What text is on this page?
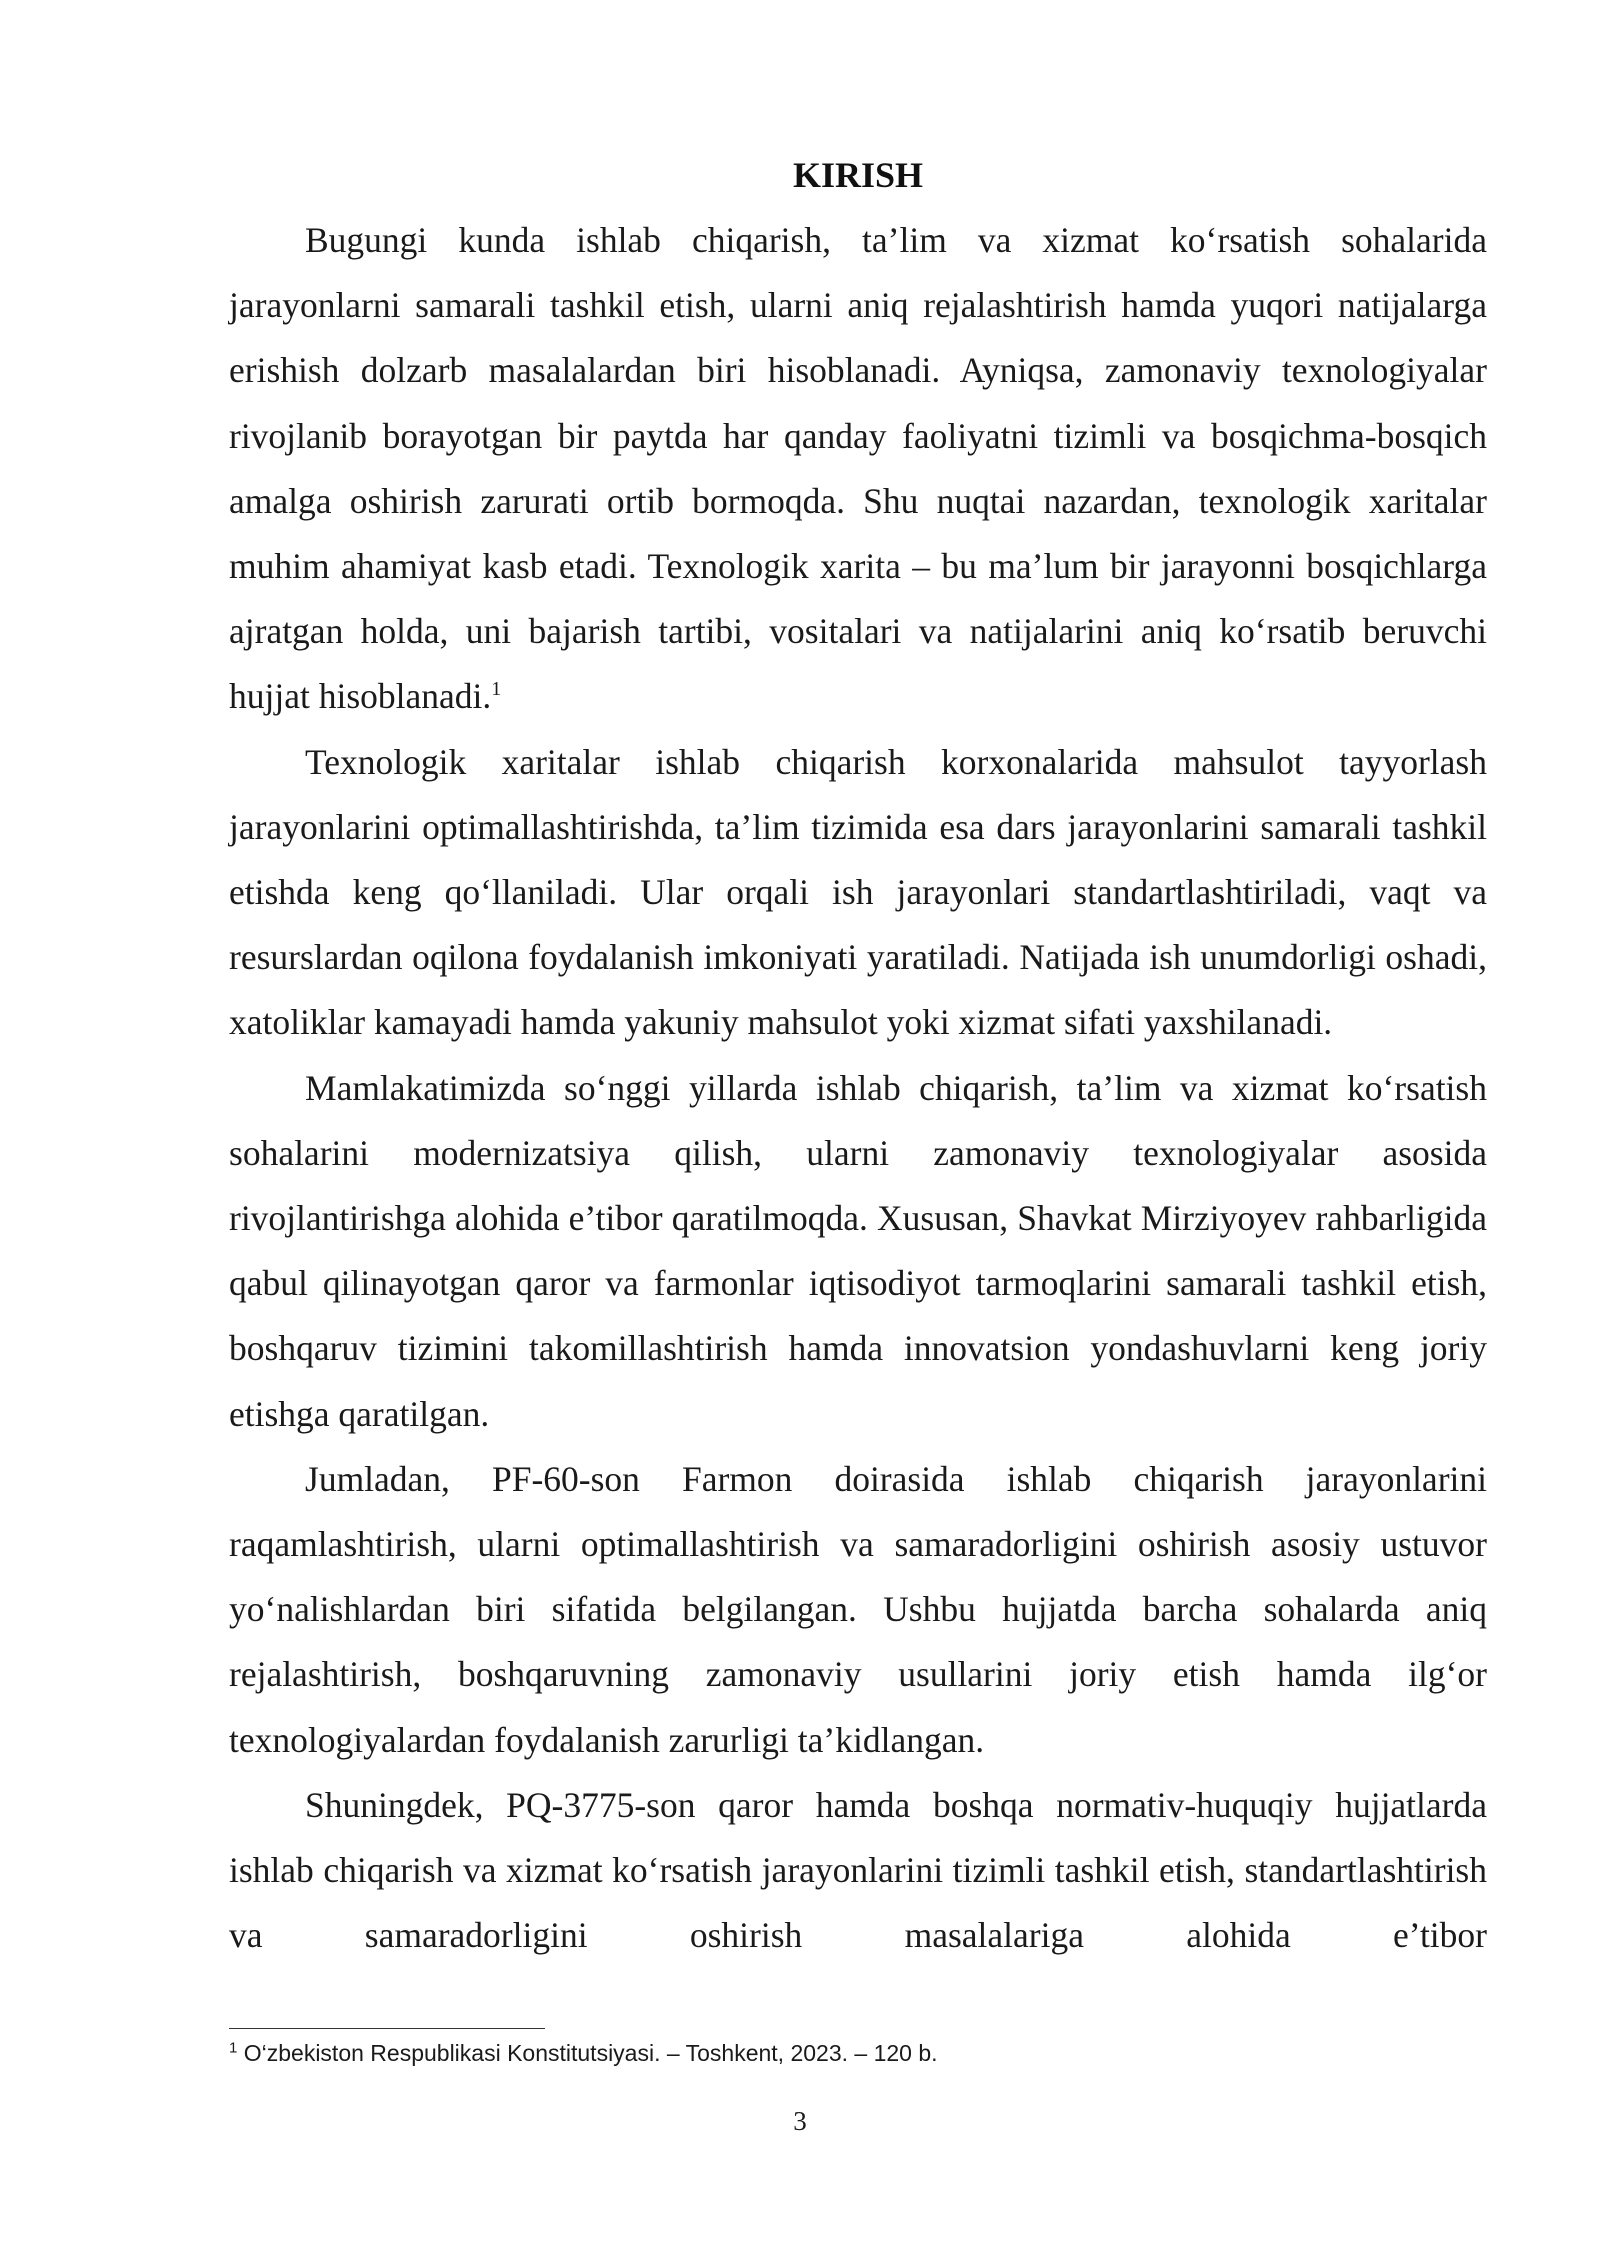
KIRISH

Bugungi kunda ishlab chiqarish, ta’lim va xizmat ko‘rsatish sohalarida jarayonlarni samarali tashkil etish, ularni aniq rejalashtirish hamda yuqori natijalarga erishish dolzarb masalalardan biri hisoblanadi. Ayniqsa, zamonaviy texnologiyalar rivojlanib borayotgan bir paytda har qanday faoliyatni tizimli va bosqichma-bosqich amalga oshirish zarurati ortib bormoqda. Shu nuqtai nazardan, texnologik xaritalar muhim ahamiyat kasb etadi. Texnologik xarita – bu ma’lum bir jarayonni bosqichlarga ajratgan holda, uni bajarish tartibi, vositalari va natijalarini aniq ko‘rsatib beruvchi hujjat hisoblanadi.$^1$

Texnologik xaritalar ishlab chiqarish korxonalarida mahsulot tayyorlash jarayonlarini optimallashtirishda, ta’lim tizimida esa dars jarayonlarini samarali tashkil etishda keng qo‘llaniladi. Ular orqali ish jarayonlari standartlashtiriladi, vaqt va resurslardan oqilona foydalanish imkoniyati yaratiladi. Natijada ish unumdorligi oshadi, xatoliklar kamayadi hamda yakuniy mahsulot yoki xizmat sifati yaxshilanadi.

Mamlakatimizda so‘nggi yillarda ishlab chiqarish, ta’lim va xizmat ko‘rsatish sohalarini modernizatsiya qilish, ularni zamonaviy texnologiyalar asosida rivojlantirishga alohida e’tibor qaratilmoqda. Xususan, Shavkat Mirziyoyev rahbarligida qabul qilinayotgan qaror va farmonlar iqtisodiyot tarmoqlarini samarali tashkil etish, boshqaruv tizimini takomillashtirish hamda innovatsion yondashuvlarni keng joriy etishga qaratilgan.

Jumladan, PF-60-son Farmon doirasida ishlab chiqarish jarayonlarini raqamlashtirish, ularni optimallashtirish va samaradorligini oshirish asosiy ustuvor yo‘nalishlardan biri sifatida belgilangan. Ushbu hujjatda barcha sohalarda aniq rejalashtirish, boshqaruvning zamonaviy usullarini joriy etish hamda ilg‘or texnologiyalardan foydalanish zarurligi ta’kidlangan.

Shuningdek, PQ-3775-son qaror hamda boshqa normativ-huquqiy hujjatlarda ishlab chiqarish va xizmat ko‘rsatish jarayonlarini tizimli tashkil etish, standartlashtirish va samaradorligini oshirish masalalariga alohida e’tibor

$^1$ O‘zbekiston Respublikasi Konstitutsiyasi. – Toshkent, 2023. – 120 b.
3
